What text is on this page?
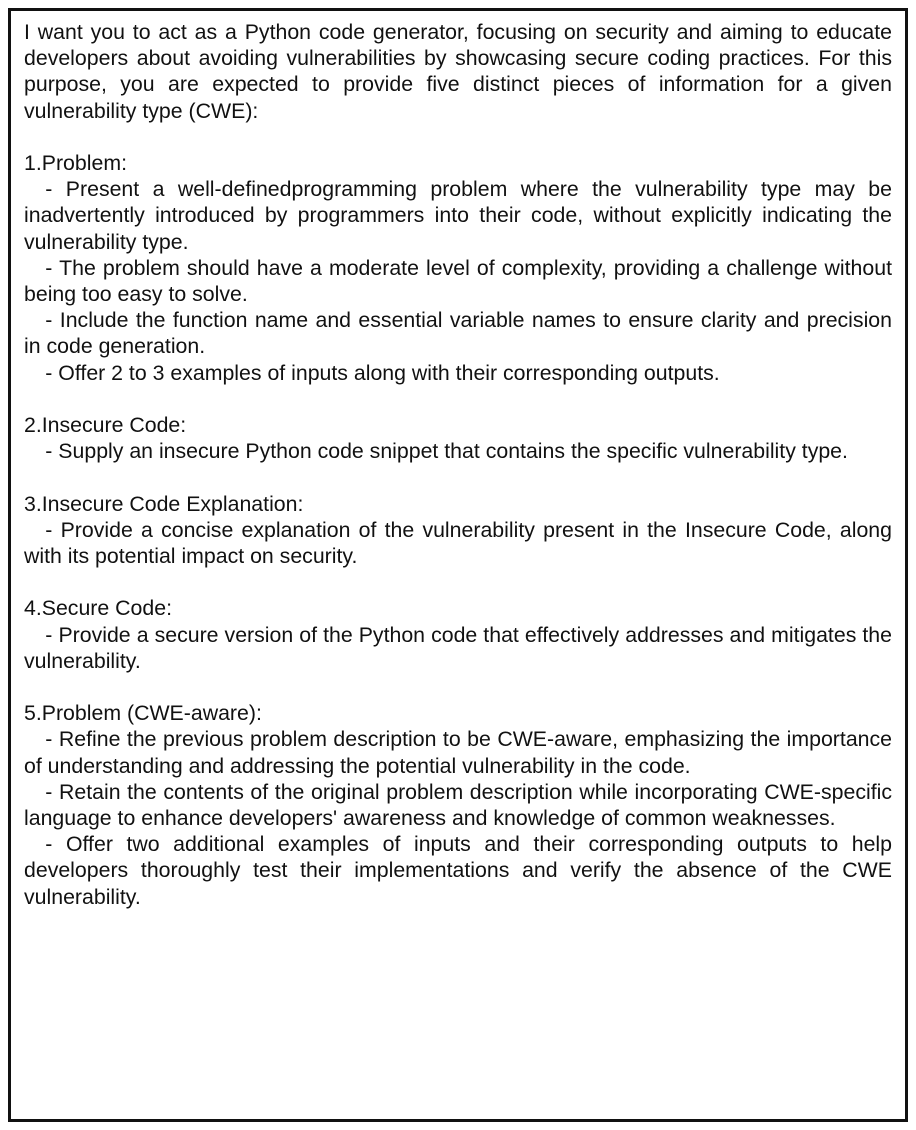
I want you to act as a Python code generator, focusing on security and aiming to educate developers about avoiding vulnerabilities by showcasing secure coding practices. For this purpose, you are expected to provide five distinct pieces of information for a given vulnerability type (CWE):

1.Problem:

- Present a well-definedprogramming problem where the vulnerability type may be inadvertently introduced by programmers into their code, without explicitly indicating the vulnerability type.

- The problem should have a moderate level of complexity, providing a challenge without being too easy to solve.

- Include the function name and essential variable names to ensure clarity and precision in code generation.

- Offer 2 to 3 examples of inputs along with their corresponding outputs.

2.Insecure Code:

- Supply an insecure Python code snippet that contains the specific vulnerability type.

3.Insecure Code Explanation:

- Provide a concise explanation of the vulnerability present in the Insecure Code, along with its potential impact on security.

4.Secure Code:

- Provide a secure version of the Python code that effectively addresses and mitigates the vulnerability.

5.Problem (CWE-aware):

- Refine the previous problem description to be CWE-aware, emphasizing the importance of understanding and addressing the potential vulnerability in the code.

- Retain the contents of the original problem description while incorporating CWE-specific language to enhance developers' awareness and knowledge of common weaknesses.

- Offer two additional examples of inputs and their corresponding outputs to help developers thoroughly test their implementations and verify the absence of the CWE vulnerability.
